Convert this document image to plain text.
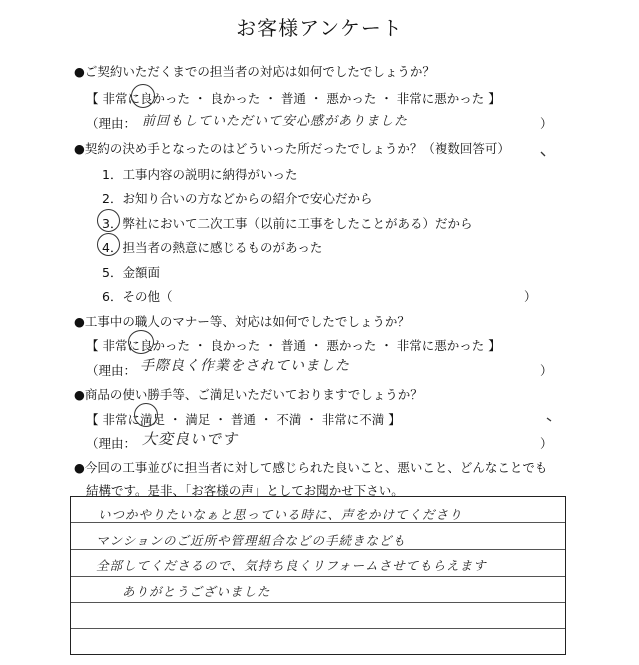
お客様アンケート
●ご契約いただくまでの担当者の対応は如何でしたでしょうか？
【 非常に良かった ・ 良かった ・ 普通 ・ 悪かった ・ 非常に悪かった 】
（理由： 前回もしていただいて安心感がありました	）
●契約の決め手となったのはどういった所だったでしょうか？（複数回答可）
1．工事内容の説明に納得がいった
2．お知り合いの方などからの紹介で安心だから
3．弊社において二次工事（以前に工事をしたことがある）だから
4．担当者の熱意に感じるものがあった
5．金額面
6．その他（	）
●工事中の職人のマナー等、対応は如何でしたでしょうか？
【 非常に良かった ・ 良かった ・ 普通 ・ 悪かった ・ 非常に悪かった 】
（理由： 手際良く作業をされていました	）
●商品の使い勝手等、ご満足いただいておりますでしょうか？
【 非常に満足 ・ 満足 ・ 普通 ・ 不満 ・ 非常に不満 】
（理由： 大変良いです	）
●今回の工事並びに担当者に対して感じられた良いこと、悪いこと、どんなことでも
結構です。是非、「お客様の声」としてお聞かせ下さい。
いつかやりたいなぁと思っている時に、声をかけてくださり
マンションのご近所や管理組合などの手続きなども
全部してくださるので、気持ち良くリフォームさせてもらえます
ありがとうございました
